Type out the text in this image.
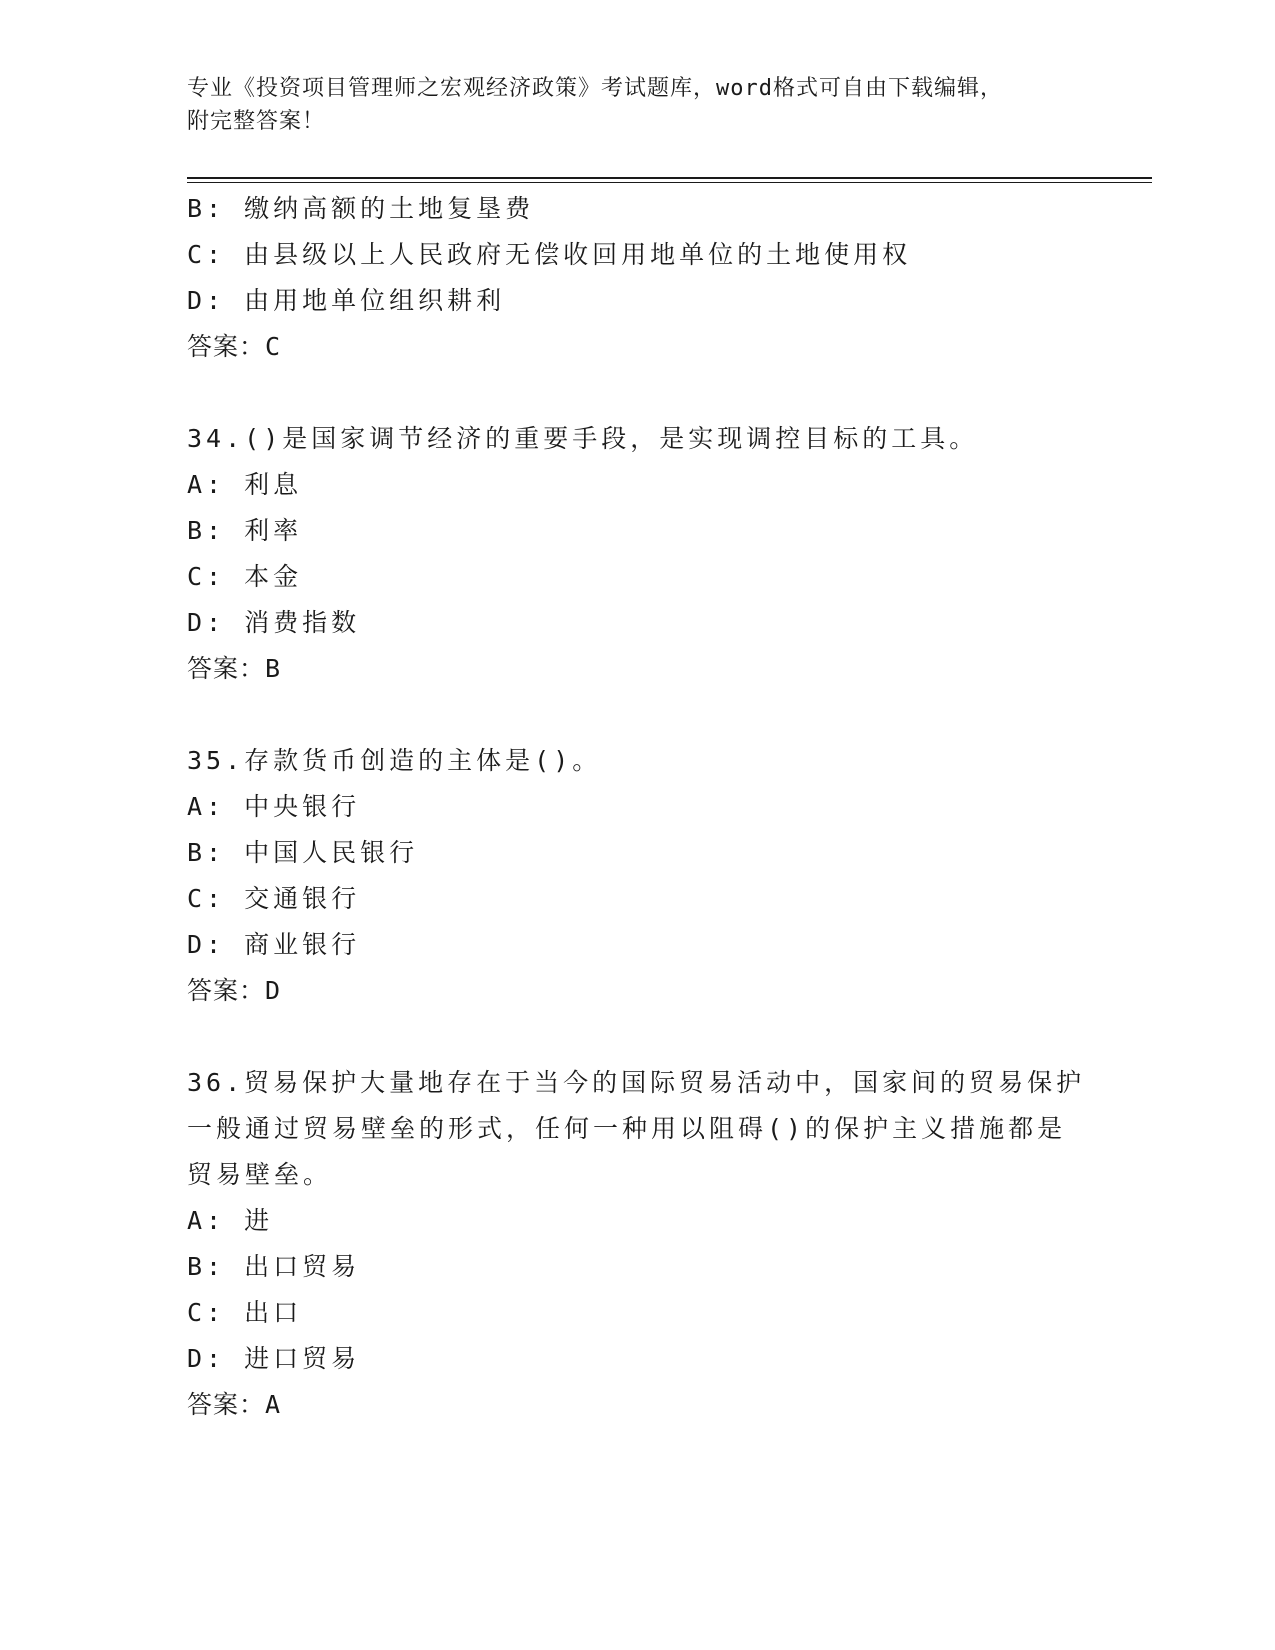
专业《投资项目管理师之宏观经济政策》考试题库，word格式可自由下载编辑，
附完整答案！
B: 缴纳高额的土地复垦费
C: 由县级以上人民政府无偿收回用地单位的土地使用权
D: 由用地单位组织耕利
答案：C
34.()是国家调节经济的重要手段，是实现调控目标的工具。
A: 利息
B: 利率
C: 本金
D: 消费指数
答案：B
35.存款货币创造的主体是()。
A: 中央银行
B: 中国人民银行
C: 交通银行
D: 商业银行
答案：D
36.贸易保护大量地存在于当今的国际贸易活动中，国家间的贸易保护
一般通过贸易壁垒的形式，任何一种用以阻碍()的保护主义措施都是
贸易壁垒。
A: 进
B: 出口贸易
C: 出口
D: 进口贸易
答案：A
